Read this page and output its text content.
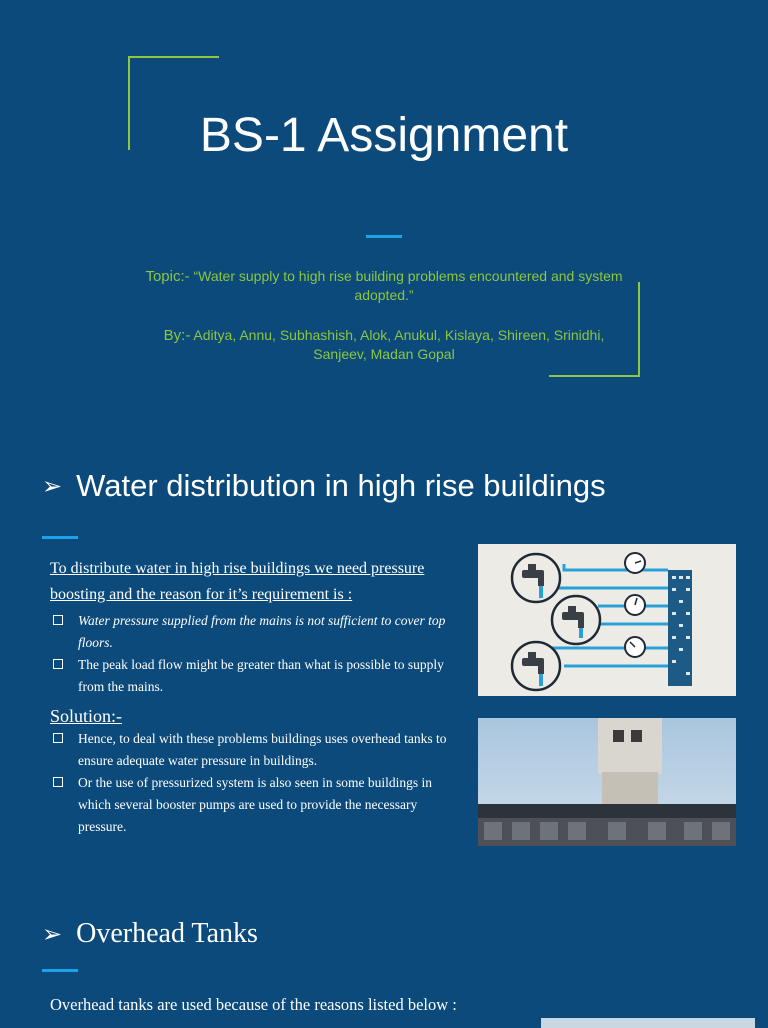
BS-1 Assignment

Topic:- “Water supply to high rise building problems encountered and system adopted.”

By:- Aditya, Annu, Subhashish, Alok, Anukul, Kislaya, Shireen, Srinidhi, Sanjeev, Madan Gopal

➢ Water distribution in high rise buildings

To distribute water in high rise buildings we need pressure boosting and the reason for it’s requirement is :

Water pressure supplied from the mains is not sufficient to cover top floors.
The peak load flow might be greater than what is possible to supply from the mains.

Solution:-

Hence, to deal with these problems buildings uses overhead tanks to ensure adequate water pressure in buildings.
Or the use of pressurized system is also seen in some buildings in which several booster pumps are used to provide the necessary pressure.
➢ Overhead Tanks

Overhead tanks are used because of the reasons listed below :
